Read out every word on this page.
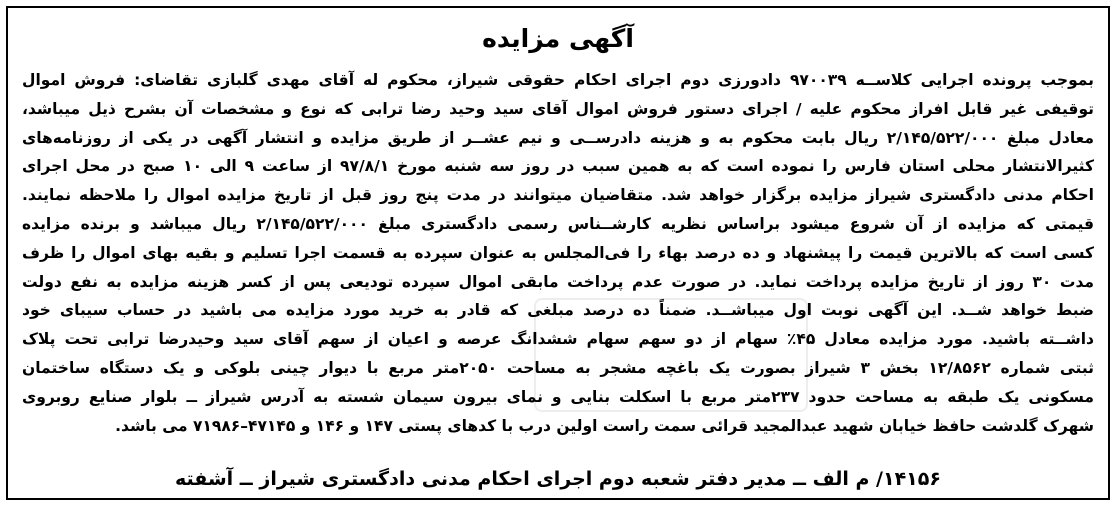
آگهی مزایده
بموجب پرونده اجرایی کلاســه ۹۷۰۰۳۹ دادورزی دوم اجرای احکام حقوقی شیراز، محکوم له آقای مهدی گلبازی تقاضای: فروش اموال
توقیفی غیر قابل افراز محکوم علیه / اجرای دستور فروش اموال آقای سید وحید رضا ترابی که نوع و مشخصات آن بشرح ذیل میباشد،
معادل مبلغ ۲/۱۴۵/۵۲۲/۰۰۰ ریال بابت محکوم به و هزینه دادرســی و نیم عشــر از طریق مزایده و انتشار آگهی در یکی از روزنامه‌های
کثیرالانتشار محلی استان فارس را نموده است که به همین سبب در روز سه شنبه مورخ ۹۷/۸/۱ از ساعت ۹ الی ۱۰ صبح در محل اجرای
احکام مدنی دادگستری شیراز مزایده برگزار خواهد شد. متقاضیان میتوانند در مدت پنج روز قبل از تاریخ مزایده اموال را ملاحظه نمایند.
قیمتی که مزایده از آن شروع میشود براساس نظریه کارشــناس رسمی دادگستری مبلغ ۲/۱۴۵/۵۲۲/۰۰۰ ریال میباشد و برنده مزایده
کسی است که بالاترین قیمت را پیشنهاد و ده درصد بهاء را فی‌المجلس به عنوان سپرده به قسمت اجرا تسلیم و بقیه بهای اموال را ظرف
مدت ۳۰ روز از تاریخ مزایده پرداخت نماید. در صورت عدم پرداخت مابقی اموال سپرده تودیعی پس از کسر هزینه مزایده به نفع دولت
ضبط خواهد شــد. این آگهی نوبت اول میباشــد. ضمناً ده درصد مبلغی که قادر به خرید مورد مزایده می باشید در حساب سیبای خود
داشــته باشید. مورد مزایده معادل ۴۵٪ سهام از دو سهم سهام ششدانگ عرصه و اعیان از سهم آقای سید وحیدرضا ترابی تحت پلاک
ثبتی شماره ۱۲/۸۵۶۲ بخش ۳ شیراز بصورت یک باغچه مشجر به مساحت ۲۰۵۰متر مربع با دیوار چینی بلوکی و یک دستگاه ساختمان
مسکونی یک طبقه به مساحت حدود ۲۳۷متر مربع با اسکلت بنایی و نمای بیرون سیمان شسته به آدرس شیراز ــ بلوار صنایع روبروی
شهرک گلدشت حافظ خیابان شهید عبدالمجید قرائی سمت راست اولین درب با کدهای پستی ۱۴۷ و ۱۴۶ و ۴۷۱۴۵–۷۱۹۸۶ می باشد.
۱۴۱۵۶/ م الف ــ مدیر دفتر شعبه دوم اجرای احکام مدنی دادگستری شیراز ــ آشفته
